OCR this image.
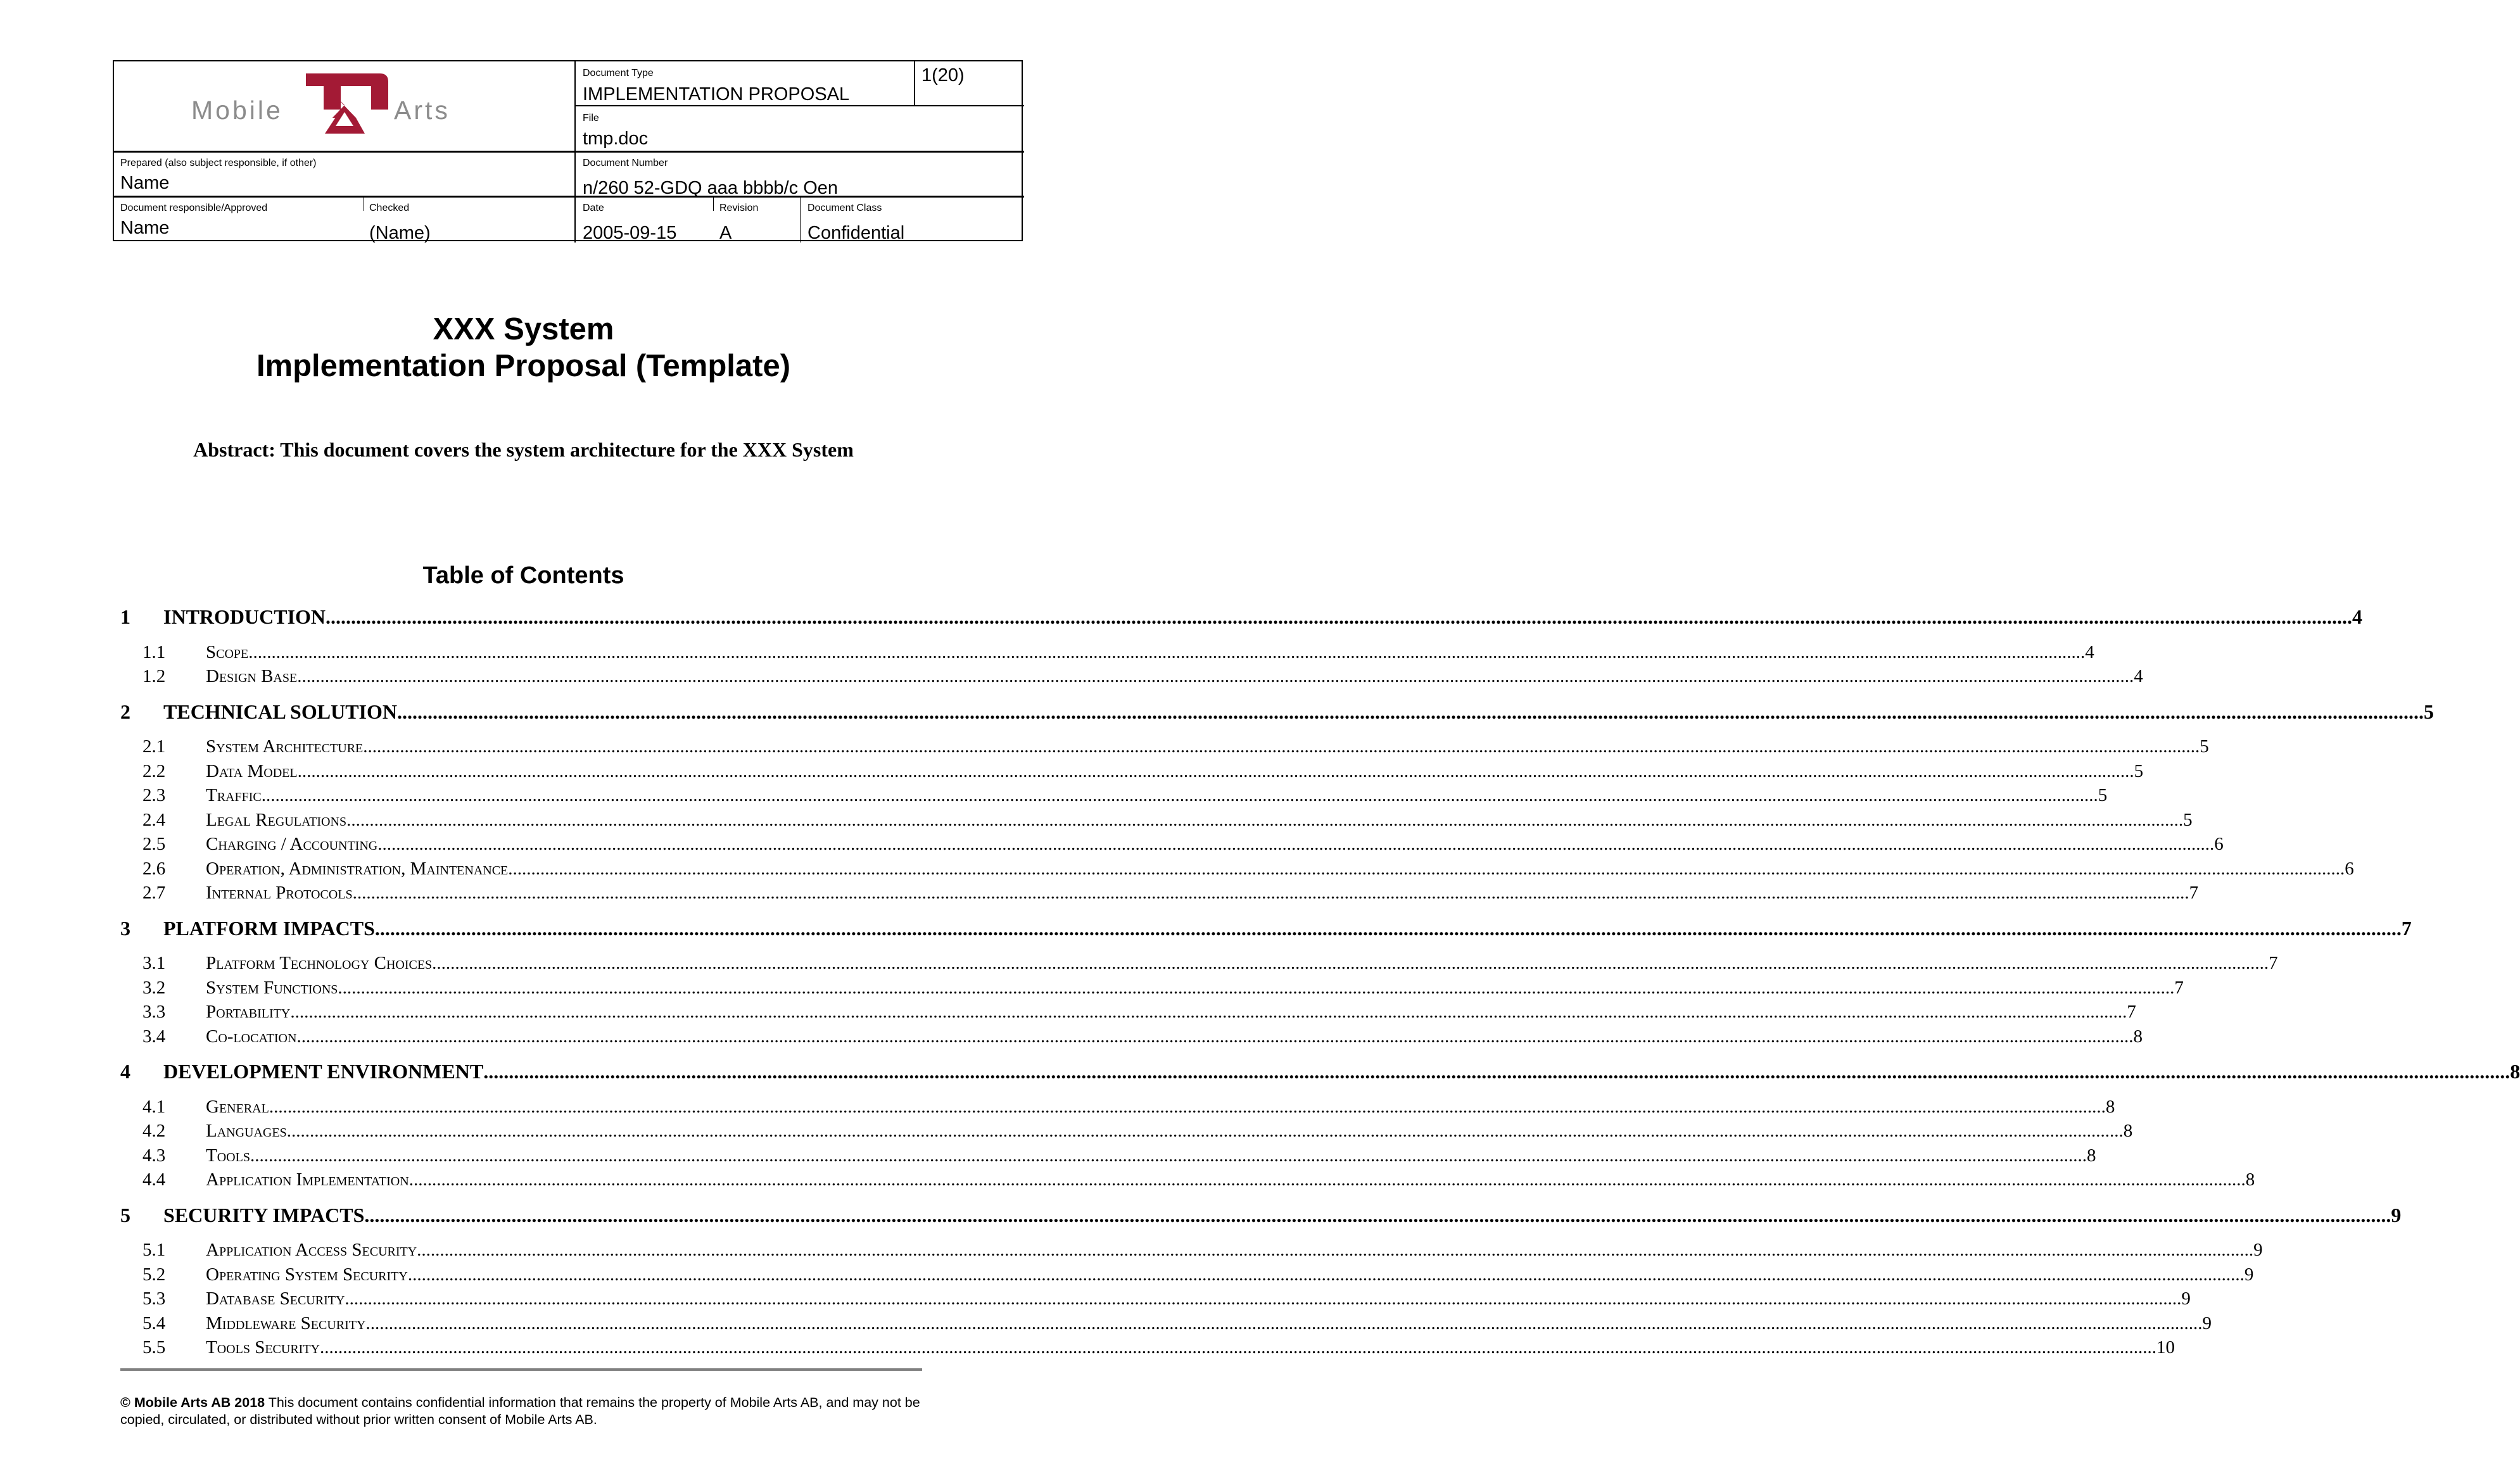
Mobile	Arts
Document Type
IMPLEMENTATION PROPOSAL
1(20)
File
tmp.doc
Prepared (also subject responsible, if other)
Name
Document Number
n/260 52-GDQ aaa bbbb/c Oen
Document responsible/Approved
Name
Checked
(Name)
Date
2005-09-15
Revision
A
Document Class
Confidential
XXX System
Implementation Proposal (Template)
Abstract: This document covers the system architecture for the XXX System
Table of Contents
1	INTRODUCTION ................................................................................................................................................................................................................................................................................................................................................................................................................ 4
1.1	Scope ................................................................................................................................................................................................................................................................................................................................................................................................................ 4
1.2	Design Base ................................................................................................................................................................................................................................................................................................................................................................................................................ 4
2	TECHNICAL SOLUTION ................................................................................................................................................................................................................................................................................................................................................................................................................ 5
2.1	System Architecture ................................................................................................................................................................................................................................................................................................................................................................................................................ 5
2.2	Data Model ................................................................................................................................................................................................................................................................................................................................................................................................................ 5
2.3	Traffic ................................................................................................................................................................................................................................................................................................................................................................................................................ 5
2.4	Legal Regulations ................................................................................................................................................................................................................................................................................................................................................................................................................ 5
2.5	Charging / Accounting ................................................................................................................................................................................................................................................................................................................................................................................................................ 6
2.6	Operation, Administration, Maintenance ................................................................................................................................................................................................................................................................................................................................................................................................................ 6
2.7	Internal Protocols ................................................................................................................................................................................................................................................................................................................................................................................................................ 7
3	PLATFORM IMPACTS ................................................................................................................................................................................................................................................................................................................................................................................................................ 7
3.1	Platform Technology Choices ................................................................................................................................................................................................................................................................................................................................................................................................................ 7
3.2	System Functions ................................................................................................................................................................................................................................................................................................................................................................................................................ 7
3.3	Portability ................................................................................................................................................................................................................................................................................................................................................................................................................ 7
3.4	Co-location ................................................................................................................................................................................................................................................................................................................................................................................................................ 8
4	DEVELOPMENT ENVIRONMENT ................................................................................................................................................................................................................................................................................................................................................................................................................ 8
4.1	General ................................................................................................................................................................................................................................................................................................................................................................................................................ 8
4.2	Languages ................................................................................................................................................................................................................................................................................................................................................................................................................ 8
4.3	Tools ................................................................................................................................................................................................................................................................................................................................................................................................................ 8
4.4	Application Implementation ................................................................................................................................................................................................................................................................................................................................................................................................................ 8
5	SECURITY IMPACTS ................................................................................................................................................................................................................................................................................................................................................................................................................ 9
5.1	Application Access Security ................................................................................................................................................................................................................................................................................................................................................................................................................ 9
5.2	Operating System Security ................................................................................................................................................................................................................................................................................................................................................................................................................ 9
5.3	Database Security ................................................................................................................................................................................................................................................................................................................................................................................................................ 9
5.4	Middleware Security ................................................................................................................................................................................................................................................................................................................................................................................................................ 9
5.5	Tools Security ................................................................................................................................................................................................................................................................................................................................................................................................................ 10
© Mobile Arts AB 2018 This document contains confidential information that remains the property of Mobile Arts AB, and may not be copied, circulated, or distributed without prior written consent of Mobile Arts AB.
